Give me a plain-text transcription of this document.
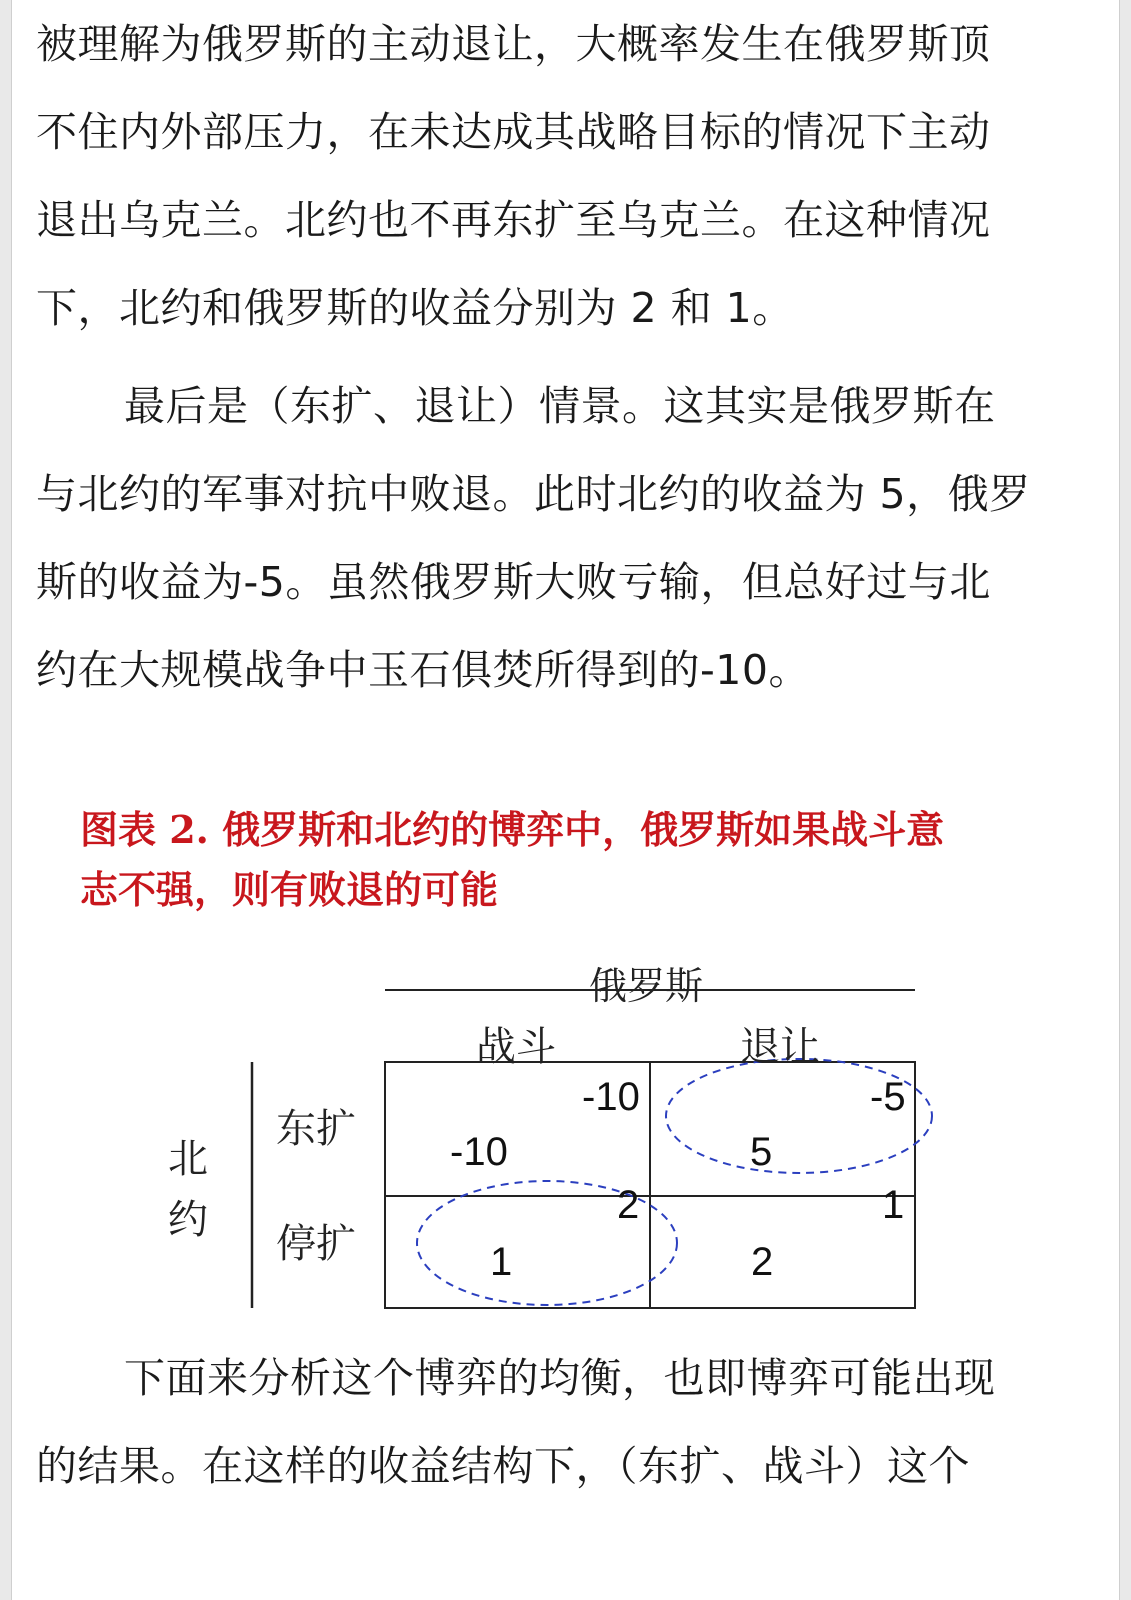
被理解为俄罗斯的主动退让，大概率发生在俄罗斯顶
不住内外部压力，在未达成其战略目标的情况下主动
退出乌克兰。北约也不再东扩至乌克兰。在这种情况
下，北约和俄罗斯的收益分别为 2 和 1。

最后是（东扩、退让）情景。这其实是俄罗斯在
与北约的军事对抗中败退。此时北约的收益为 5，俄罗
斯的收益为-5。虽然俄罗斯大败亏输，但总好过与北
约在大规模战争中玉石俱焚所得到的-10。

图表 2. 俄罗斯和北约的博弈中，俄罗斯如果战斗意
志不强，则有败退的可能
俄罗斯
战斗	退让
北
约
东扩
停扩
-10
-10
-5
5
2
1
1
2

下面来分析这个博弈的均衡，也即博弈可能出现
的结果。在这样的收益结构下，（东扩、战斗）这个
